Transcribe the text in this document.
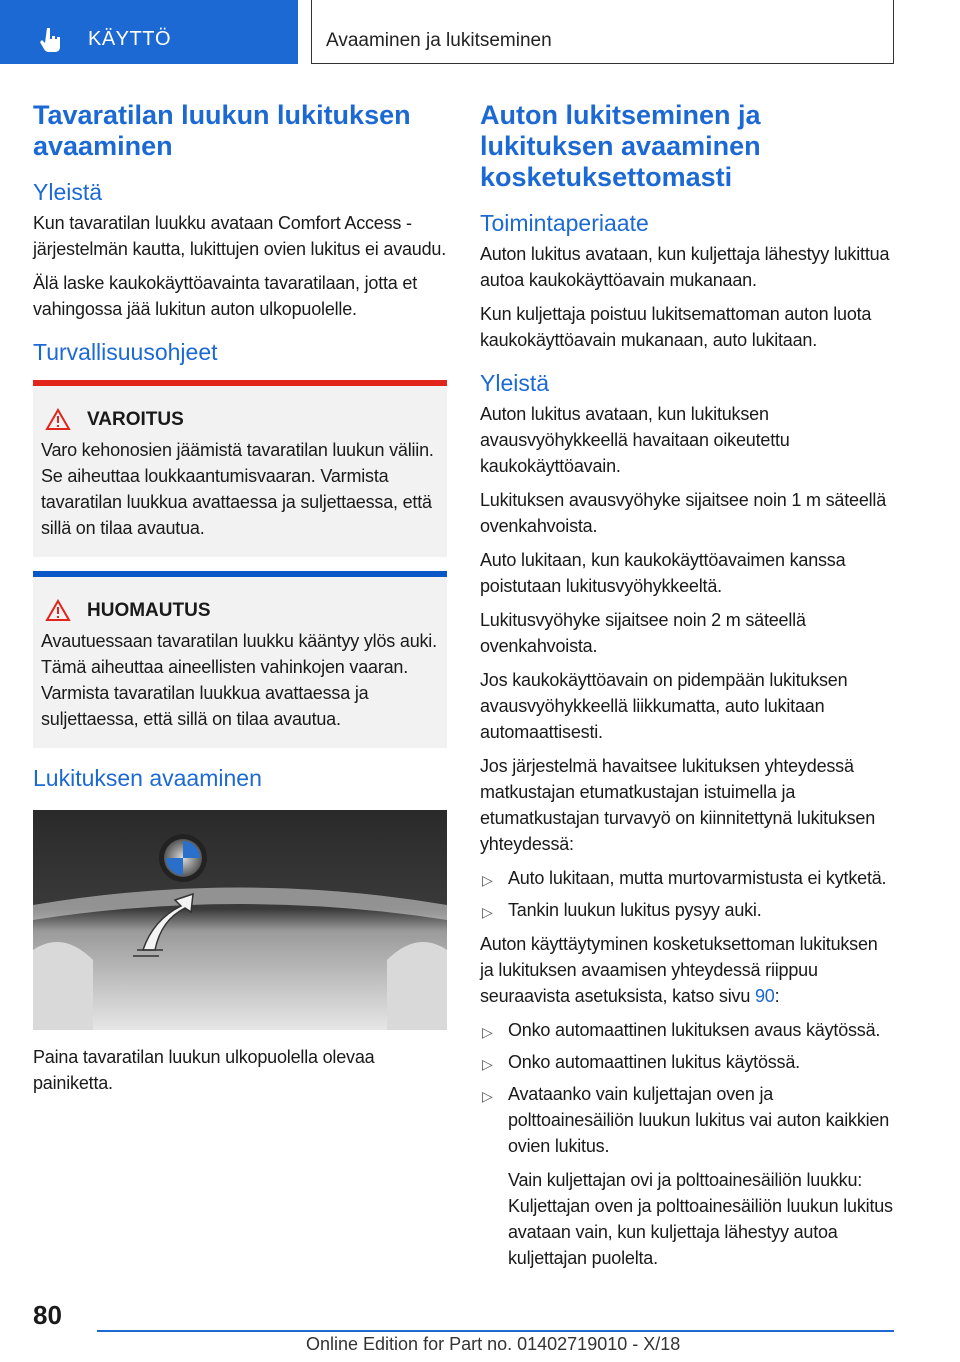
KÄYTTÖ	Avaaminen ja lukitseminen
Tavaratilan luukun lukituksen avaaminen
Yleistä

Kun tavaratilan luukku avataan Comfort Access -järjestelmän kautta, lukittujen ovien lukitus ei avaudu.

Älä laske kaukokäyttöavainta tavaratilaan, jotta et vahingossa jää lukitun auton ulkopuolelle.

Turvallisuusohjeet
VAROITUS

Varo kehonosien jäämistä tavaratilan luukun väliin. Se aiheuttaa loukkaantumisvaaran. Varmista tavaratilan luukkua avattaessa ja suljettaessa, että sillä on tilaa avautua.

HUOMAUTUS

Avautuessaan tavaratilan luukku kääntyy ylös auki. Tämä aiheuttaa aineellisten vahinkojen vaaran. Varmista tavaratilan luukkua avattaessa ja suljettaessa, että sillä on tilaa avautua.

Lukituksen avaaminen

Paina tavaratilan luukun ulkopuolella olevaa painiketta.

Auton lukitseminen ja lukituksen avaaminen kosketuksettomasti
Toimintaperiaate

Auton lukitus avataan, kun kuljettaja lähestyy lukittua autoa kaukokäyttöavain mukanaan.

Kun kuljettaja poistuu lukitsemattoman auton luota kaukokäyttöavain mukanaan, auto lukitaan.

Yleistä

Auton lukitus avataan, kun lukituksen avausvyöhykkeellä havaitaan oikeutettu kaukokäyttöavain.

Lukituksen avausvyöhyke sijaitsee noin 1 m säteellä ovenkahvoista.

Auto lukitaan, kun kaukokäyttöavaimen kanssa poistutaan lukitusvyöhykkeeltä.

Lukitusvyöhyke sijaitsee noin 2 m säteellä ovenkahvoista.

Jos kaukokäyttöavain on pidempään lukituksen avausvyöhykkeellä liikkumatta, auto lukitaan automaattisesti.

Jos järjestelmä havaitsee lukituksen yhteydessä matkustajan etumatkustajan istuimella ja etumatkustajan turvavyö on kiinnitettynä lukituksen yhteydessä:

▷ Auto lukitaan, mutta murtovarmistusta ei kytketä.
▷ Tankin luukun lukitus pysyy auki.

Auton käyttäytyminen kosketuksettoman lukituksen ja lukituksen avaamisen yhteydessä riippuu seuraavista asetuksista, katso sivu 90:

▷ Onko automaattinen lukituksen avaus käytössä.
▷ Onko automaattinen lukitus käytössä.
▷ Avataanko vain kuljettajan oven ja polttoainesäiliön luukun lukitus vai auton kaikkien ovien lukitus.

Vain kuljettajan ovi ja polttoainesäiliön luukku: Kuljettajan oven ja polttoainesäiliön luukun lukitus avataan vain, kun kuljettaja lähestyy autoa kuljettajan puolelta.

80
Online Edition for Part no. 01402719010 - X/18
